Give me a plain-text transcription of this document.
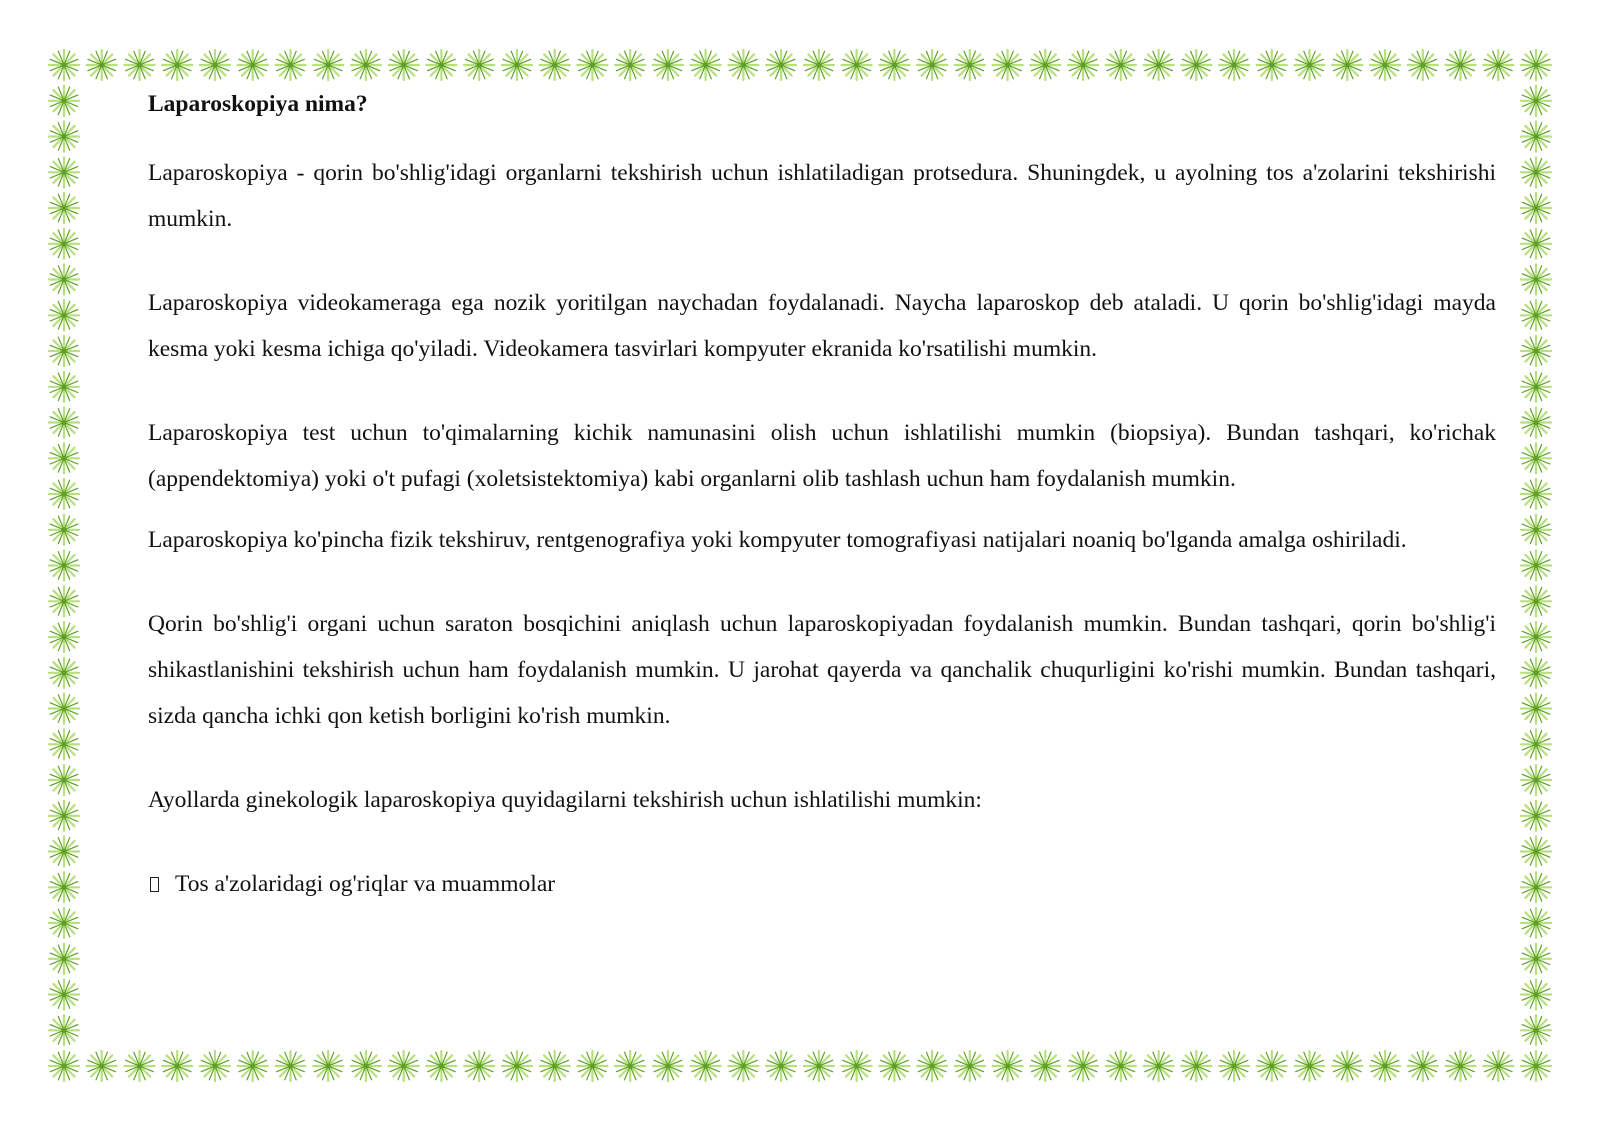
Laparoskopiya nima?

Laparoskopiya - qorin bo'shlig'idagi organlarni tekshirish uchun ishlatiladigan protsedura. Shuningdek, u ayolning tos a'zolarini tekshirishi mumkin.

Laparoskopiya videokameraga ega nozik yoritilgan naychadan foydalanadi. Naycha laparoskop deb ataladi. U qorin bo'shlig'idagi mayda kesma yoki kesma ichiga qo'yiladi. Videokamera tasvirlari kompyuter ekranida ko'rsatilishi mumkin.

Laparoskopiya test uchun to'qimalarning kichik namunasini olish uchun ishlatilishi mumkin (biopsiya). Bundan tashqari, ko'richak (appendektomiya) yoki o't pufagi (xoletsistektomiya) kabi organlarni olib tashlash uchun ham foydalanish mumkin.

Laparoskopiya ko'pincha fizik tekshiruv, rentgenografiya yoki kompyuter tomografiyasi natijalari noaniq bo'lganda amalga oshiriladi.

Qorin bo'shlig'i organi uchun saraton bosqichini aniqlash uchun laparoskopiyadan foydalanish mumkin. Bundan tashqari, qorin bo'shlig'i shikastlanishini tekshirish uchun ham foydalanish mumkin. U jarohat qayerda va qanchalik chuqurligini ko'rishi mumkin. Bundan tashqari, sizda qancha ichki qon ketish borligini ko'rish mumkin.

Ayollarda ginekologik laparoskopiya quyidagilarni tekshirish uchun ishlatilishi mumkin:

Tos a'zolaridagi og'riqlar va muammolar
